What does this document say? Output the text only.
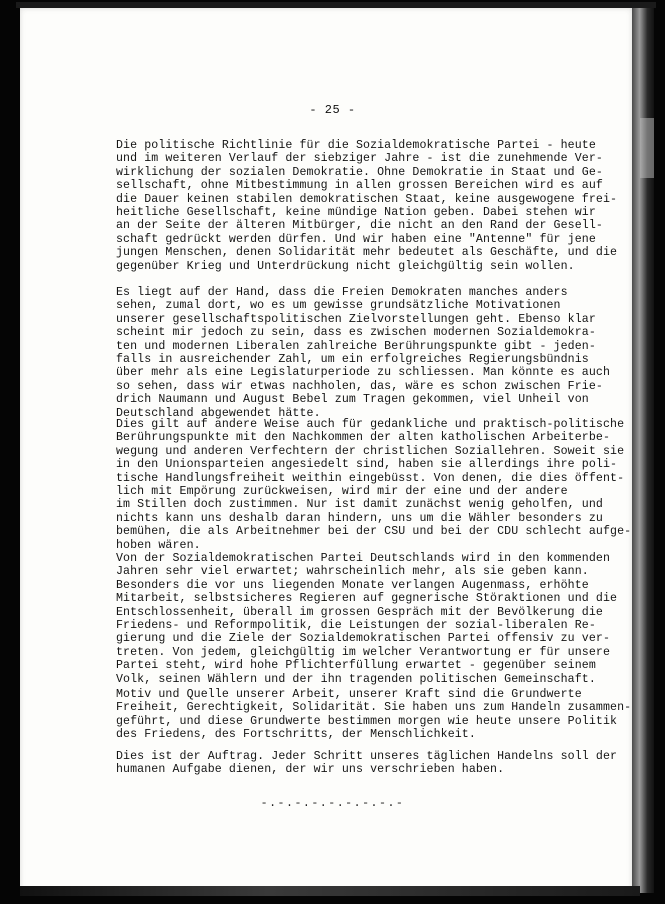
- 25 -
Die politische Richtlinie für die Sozialdemokratische Partei - heute
und im weiteren Verlauf der siebziger Jahre - ist die zunehmende Ver-
wirklichung der sozialen Demokratie. Ohne Demokratie in Staat und Ge-
sellschaft, ohne Mitbestimmung in allen grossen Bereichen wird es auf
die Dauer keinen stabilen demokratischen Staat, keine ausgewogene frei-
heitliche Gesellschaft, keine mündige Nation geben. Dabei stehen wir
an der Seite der älteren Mitbürger, die nicht an den Rand der Gesell-
schaft gedrückt werden dürfen. Und wir haben eine "Antenne" für jene
jungen Menschen, denen Solidarität mehr bedeutet als Geschäfte, und die
gegenüber Krieg und Unterdrückung nicht gleichgültig sein wollen.
Es liegt auf der Hand, dass die Freien Demokraten manches anders
sehen, zumal dort, wo es um gewisse grundsätzliche Motivationen
unserer gesellschaftspolitischen Zielvorstellungen geht. Ebenso klar
scheint mir jedoch zu sein, dass es zwischen modernen Sozialdemokra-
ten und modernen Liberalen zahlreiche Berührungspunkte gibt - jeden-
falls in ausreichender Zahl, um ein erfolgreiches Regierungsbündnis
über mehr als eine Legislaturperiode zu schliessen. Man könnte es auch
so sehen, dass wir etwas nachholen, das, wäre es schon zwischen Frie-
drich Naumann und August Bebel zum Tragen gekommen, viel Unheil von
Deutschland abgewendet hätte.
Dies gilt auf andere Weise auch für gedankliche und praktisch-politische
Berührungspunkte mit den Nachkommen der alten katholischen Arbeiterbe-
wegung und anderen Verfechtern der christlichen Soziallehren. Soweit sie
in den Unionsparteien angesiedelt sind, haben sie allerdings ihre poli-
tische Handlungsfreiheit weithin eingebüsst. Von denen, die dies öffent-
lich mit Empörung zurückweisen, wird mir der eine und der andere
im Stillen doch zustimmen. Nur ist damit zunächst wenig geholfen, und
nichts kann uns deshalb daran hindern, uns um die Wähler besonders zu
bemühen, die als Arbeitnehmer bei der CSU und bei der CDU schlecht aufge-
hoben wären.
Von der Sozialdemokratischen Partei Deutschlands wird in den kommenden
Jahren sehr viel erwartet; wahrscheinlich mehr, als sie geben kann.
Besonders die vor uns liegenden Monate verlangen Augenmass, erhöhte
Mitarbeit, selbstsicheres Regieren auf gegnerische Störaktionen und die
Entschlossenheit, überall im grossen Gespräch mit der Bevölkerung die
Friedens- und Reformpolitik, die Leistungen der sozial-liberalen Re-
gierung und die Ziele der Sozialdemokratischen Partei offensiv zu ver-
treten. Von jedem, gleichgültig im welcher Verantwortung er für unsere
Partei steht, wird hohe Pflichterfüllung erwartet - gegenüber seinem
Volk, seinen Wählern und der ihn tragenden politischen Gemeinschaft.
Motiv und Quelle unserer Arbeit, unserer Kraft sind die Grundwerte
Freiheit, Gerechtigkeit, Solidarität. Sie haben uns zum Handeln zusammen-
geführt, und diese Grundwerte bestimmen morgen wie heute unsere Politik
des Friedens, des Fortschritts, der Menschlichkeit.
Dies ist der Auftrag. Jeder Schritt unseres täglichen Handelns soll der
humanen Aufgabe dienen, der wir uns verschrieben haben.
-.-.-.-.-.-.-.-.-
